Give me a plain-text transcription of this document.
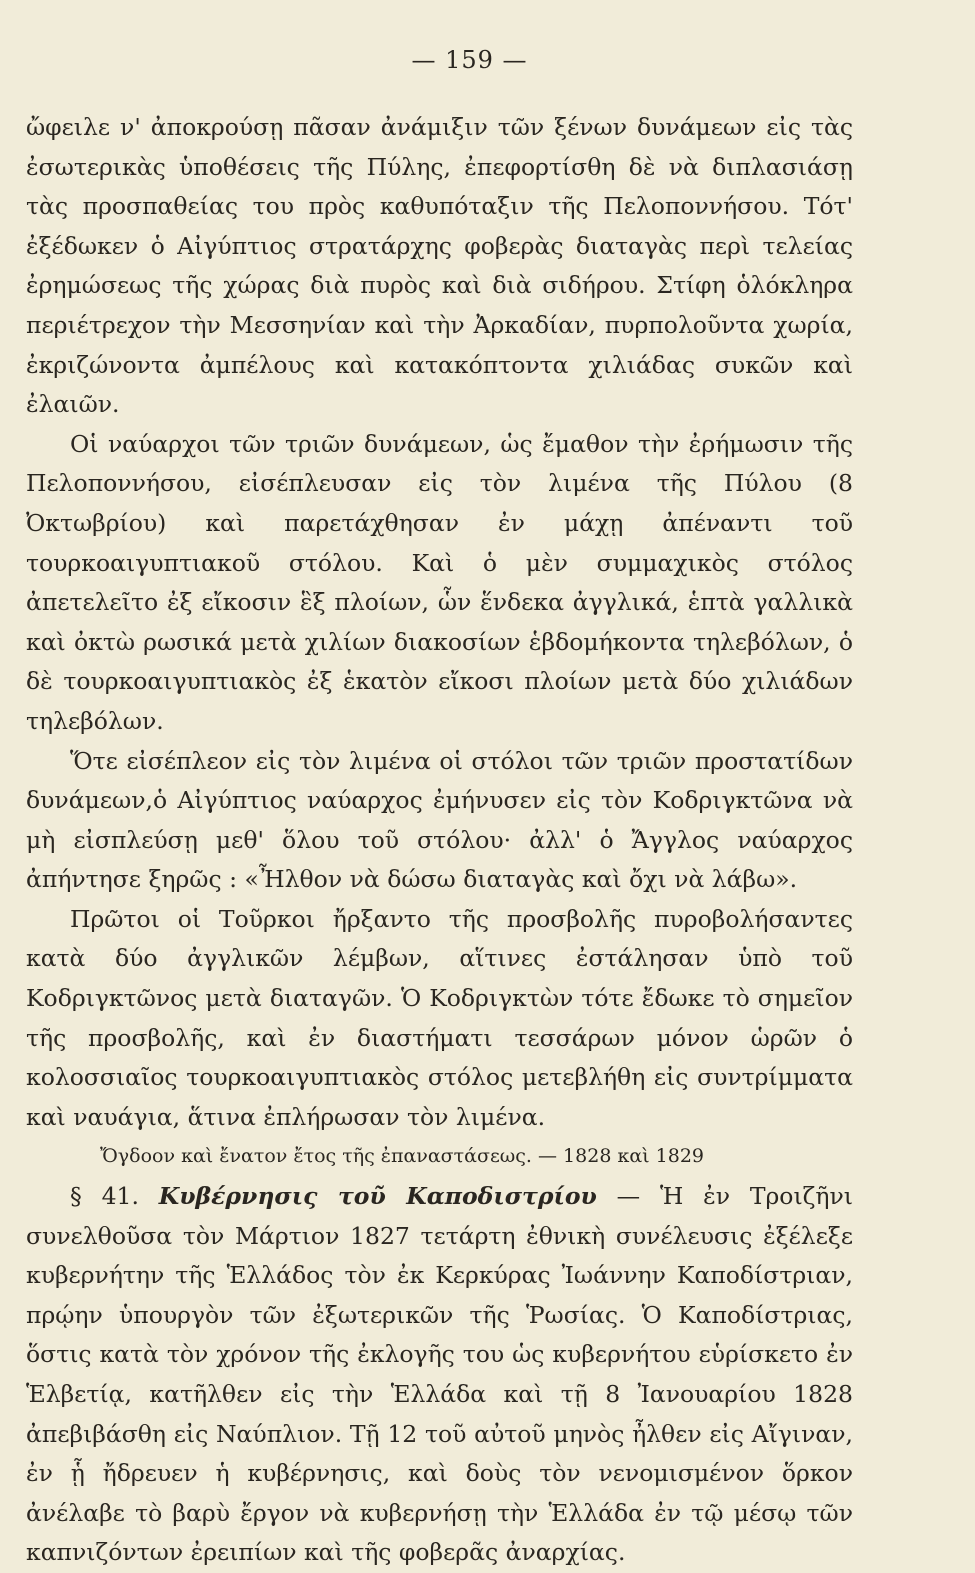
— 159 —

ὤφειλε ν' ἀποκρούσῃ πᾶσαν ἀνάμιξιν τῶν ξένων δυνάμεων εἰς τὰς ἐσωτερικὰς ὑποθέσεις τῆς Πύλης, ἐπεφορτίσθη δὲ νὰ διπλασιάσῃ τὰς προσπαθείας του πρὸς καθυπόταξιν τῆς Πελοποννήσου. Τότ' ἐξέδωκεν ὁ Αἰγύπτιος στρατάρχης φοβερὰς διαταγὰς περὶ τελείας ἐρημώσεως τῆς χώρας διὰ πυρὸς καὶ διὰ σιδήρου. Στίφη ὁλόκληρα περιέτρεχον τὴν Μεσσηνίαν καὶ τὴν Ἀρκαδίαν, πυρπολοῦντα χωρία, ἐκριζώνοντα ἀμπέλους καὶ κατακόπτοντα χιλιάδας συκῶν καὶ ἐλαιῶν.

Οἱ ναύαρχοι τῶν τριῶν δυνάμεων, ὡς ἔμαθον τὴν ἐρήμωσιν τῆς Πελοποννήσου, εἰσέπλευσαν εἰς τὸν λιμένα τῆς Πύλου (8 Ὀκτωβρίου) καὶ παρετάχθησαν ἐν μάχῃ ἀπέναντι τοῦ τουρκοαιγυπτιακοῦ στόλου. Καὶ ὁ μὲν συμμαχικὸς στόλος ἀπετελεῖτο ἐξ εἴκοσιν ἓξ πλοίων, ὧν ἕνδεκα ἀγγλικά, ἑπτὰ γαλλικὰ καὶ ὀκτὼ ρωσικά μετὰ χιλίων διακοσίων ἑβδομήκοντα τηλεβόλων, ὁ δὲ τουρκοαιγυπτιακὸς ἐξ ἑκατὸν εἴκοσι πλοίων μετὰ δύο χιλιάδων τηλεβόλων.

Ὅτε εἰσέπλεον εἰς τὸν λιμένα οἱ στόλοι τῶν τριῶν προστατίδων δυνάμεων,ὁ Αἰγύπτιος ναύαρχος ἐμήνυσεν εἰς τὸν Κοδριγκτῶνα νὰ μὴ εἰσπλεύσῃ μεθ' ὅλου τοῦ στόλου· ἀλλ' ὁ Ἄγγλος ναύαρχος ἀπήντησε ξηρῶς : «Ἦλθον νὰ δώσω διαταγὰς καὶ ὄχι νὰ λάβω».

Πρῶτοι οἱ Τοῦρκοι ἤρξαντο τῆς προσβολῆς πυροβολήσαντες κατὰ δύο ἀγγλικῶν λέμβων, αἵτινες ἐστάλησαν ὑπὸ τοῦ Κοδριγκτῶνος μετὰ διαταγῶν. Ὁ Κοδριγκτὼν τότε ἔδωκε τὸ σημεῖον τῆς προσβολῆς, καὶ ἐν διαστήματι τεσσάρων μόνον ὡρῶν ὁ κολοσσιαῖος τουρκοαιγυπτιακὸς στόλος μετεβλήθη εἰς συντρίμματα καὶ ναυάγια, ἅτινα ἐπλήρωσαν τὸν λιμένα.

Ὄγδοον καὶ ἔνατον ἔτος τῆς ἐπαναστάσεως. — 1828 καὶ 1829

§ 41. Κυβέρνησις τοῦ Καποδιστρίου — Ἡ ἐν Τροιζῆνι συνελθοῦσα τὸν Μάρτιον 1827 τετάρτη ἐθνικὴ συνέλευσις ἐξέλεξε κυβερνήτην τῆς Ἑλλάδος τὸν ἐκ Κερκύρας Ἰωάννην Καποδίστριαν, πρῴην ὑπουργὸν τῶν ἐξωτερικῶν τῆς Ῥωσίας. Ὁ Καποδίστριας, ὅστις κατὰ τὸν χρόνον τῆς ἐκλογῆς του ὡς κυβερνήτου εὑρίσκετο ἐν Ἑλβετίᾳ, κατῆλθεν εἰς τὴν Ἑλλάδα καὶ τῇ 8 Ἰανουαρίου 1828 ἀπεβιβάσθη εἰς Ναύπλιον. Τῇ 12 τοῦ αὐτοῦ μηνὸς ἦλθεν εἰς Αἴγιναν, ἐν ᾗ ἤδρευεν ἡ κυβέρνησις, καὶ δοὺς τὸν νενομισμένον ὅρκον ἀνέλαβε τὸ βαρὺ ἔργον νὰ κυβερνήσῃ τὴν Ἑλλάδα ἐν τῷ μέσῳ τῶν καπνιζόντων ἐρειπίων καὶ τῆς φοβερᾶς ἀναρχίας.
